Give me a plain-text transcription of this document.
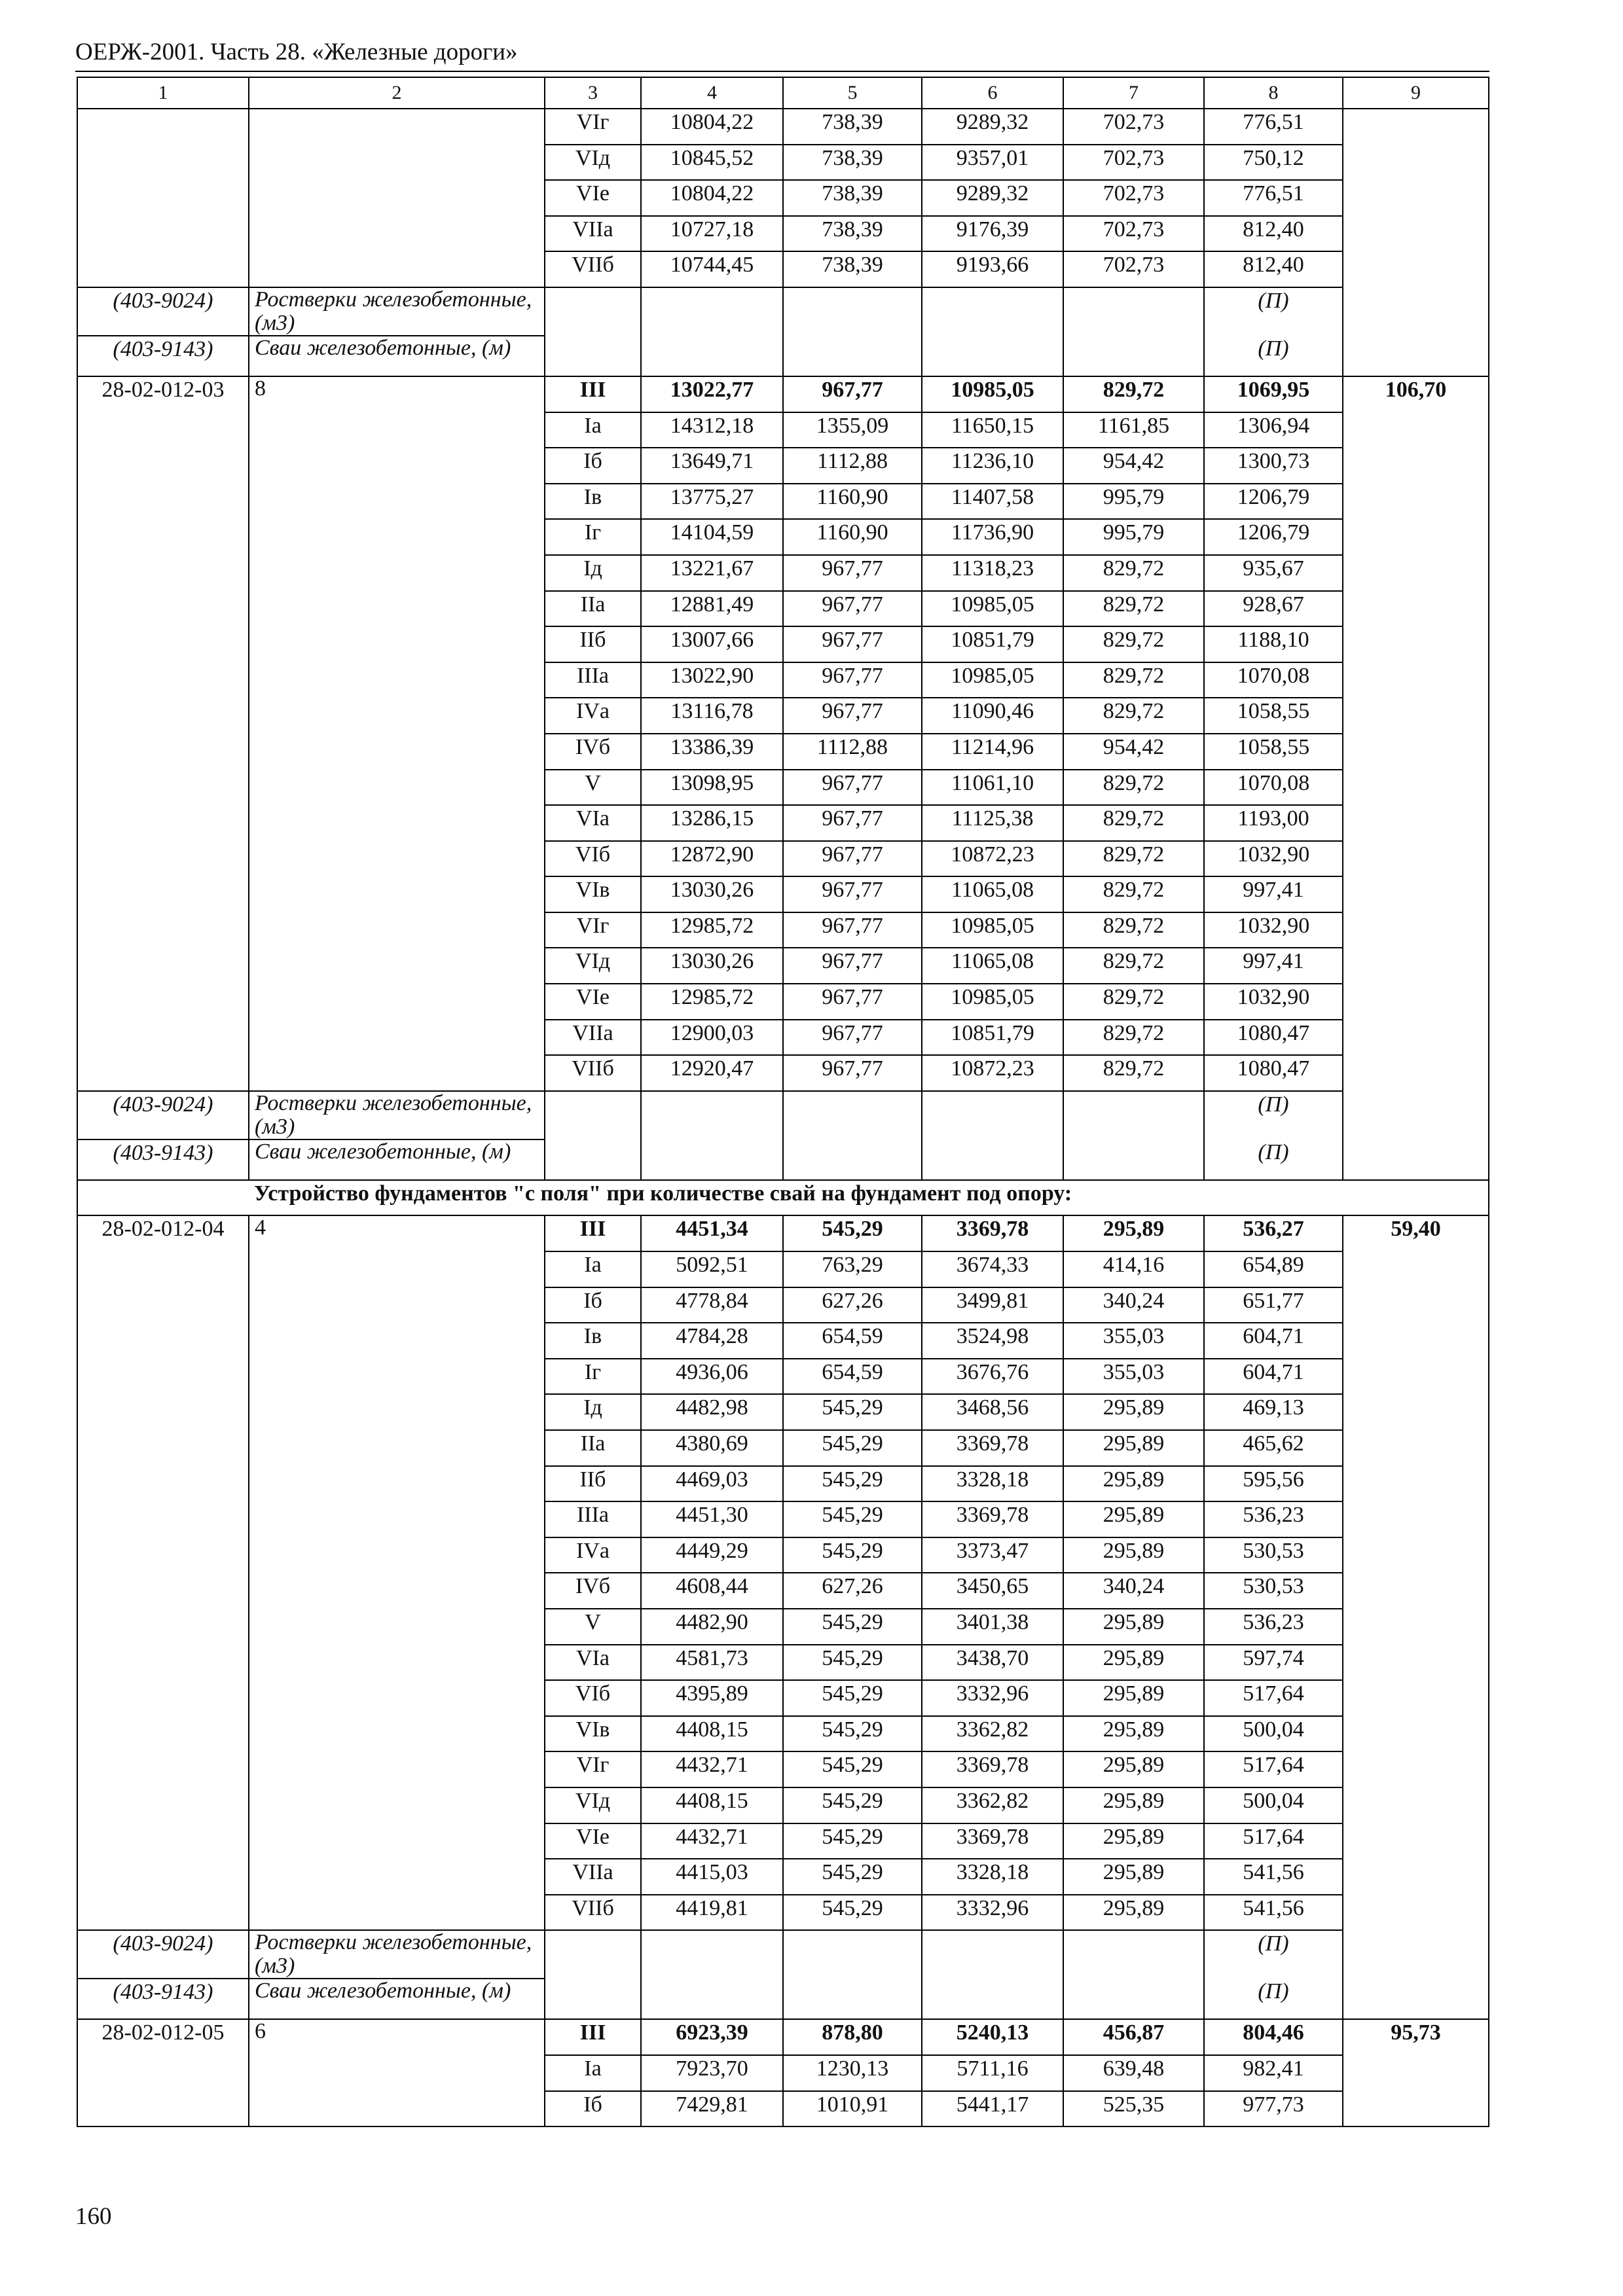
ОЕРЖ-2001. Часть 28. «Железные дороги»
1	2	3	4	5	6	7	8	9
		VIг	10804,22	738,39	9289,32	702,73	776,51	
		VIд	10845,52	738,39	9357,01	702,73	750,12	
		VIе	10804,22	738,39	9289,32	702,73	776,51	
		VIIа	10727,18	738,39	9176,39	702,73	812,40	
		VIIб	10744,45	738,39	9193,66	702,73	812,40	
(403-9024)	Ростверки железобетонные, (м3)						(П)	
(403-9143)	Сваи железобетонные, (м)						(П)	
28-02-012-03	8	III	13022,77	967,77	10985,05	829,72	1069,95	106,70
		Iа	14312,18	1355,09	11650,15	1161,85	1306,94	
		Iб	13649,71	1112,88	11236,10	954,42	1300,73	
		Iв	13775,27	1160,90	11407,58	995,79	1206,79	
		Iг	14104,59	1160,90	11736,90	995,79	1206,79	
		Iд	13221,67	967,77	11318,23	829,72	935,67	
		IIа	12881,49	967,77	10985,05	829,72	928,67	
		IIб	13007,66	967,77	10851,79	829,72	1188,10	
		IIIа	13022,90	967,77	10985,05	829,72	1070,08	
		IVа	13116,78	967,77	11090,46	829,72	1058,55	
		IVб	13386,39	1112,88	11214,96	954,42	1058,55	
		V	13098,95	967,77	11061,10	829,72	1070,08	
		VIа	13286,15	967,77	11125,38	829,72	1193,00	
		VIб	12872,90	967,77	10872,23	829,72	1032,90	
		VIв	13030,26	967,77	11065,08	829,72	997,41	
		VIг	12985,72	967,77	10985,05	829,72	1032,90	
		VIд	13030,26	967,77	11065,08	829,72	997,41	
		VIе	12985,72	967,77	10985,05	829,72	1032,90	
		VIIа	12900,03	967,77	10851,79	829,72	1080,47	
		VIIб	12920,47	967,77	10872,23	829,72	1080,47	
(403-9024)	Ростверки железобетонные, (м3)						(П)	
(403-9143)	Сваи железобетонные, (м)						(П)	
	Устройство фундаментов "с поля" при количестве свай на фундамент под опору:							
28-02-012-04	4	III	4451,34	545,29	3369,78	295,89	536,27	59,40
		Iа	5092,51	763,29	3674,33	414,16	654,89	
		Iб	4778,84	627,26	3499,81	340,24	651,77	
		Iв	4784,28	654,59	3524,98	355,03	604,71	
		Iг	4936,06	654,59	3676,76	355,03	604,71	
		Iд	4482,98	545,29	3468,56	295,89	469,13	
		IIа	4380,69	545,29	3369,78	295,89	465,62	
		IIб	4469,03	545,29	3328,18	295,89	595,56	
		IIIа	4451,30	545,29	3369,78	295,89	536,23	
		IVа	4449,29	545,29	3373,47	295,89	530,53	
		IVб	4608,44	627,26	3450,65	340,24	530,53	
		V	4482,90	545,29	3401,38	295,89	536,23	
		VIа	4581,73	545,29	3438,70	295,89	597,74	
		VIб	4395,89	545,29	3332,96	295,89	517,64	
		VIв	4408,15	545,29	3362,82	295,89	500,04	
		VIг	4432,71	545,29	3369,78	295,89	517,64	
		VIд	4408,15	545,29	3362,82	295,89	500,04	
		VIе	4432,71	545,29	3369,78	295,89	517,64	
		VIIа	4415,03	545,29	3328,18	295,89	541,56	
		VIIб	4419,81	545,29	3332,96	295,89	541,56	
(403-9024)	Ростверки железобетонные, (м3)						(П)	
(403-9143)	Сваи железобетонные, (м)						(П)	
28-02-012-05	6	III	6923,39	878,80	5240,13	456,87	804,46	95,73
		Iа	7923,70	1230,13	5711,16	639,48	982,41	
		Iб	7429,81	1010,91	5441,17	525,35	977,73	
160
